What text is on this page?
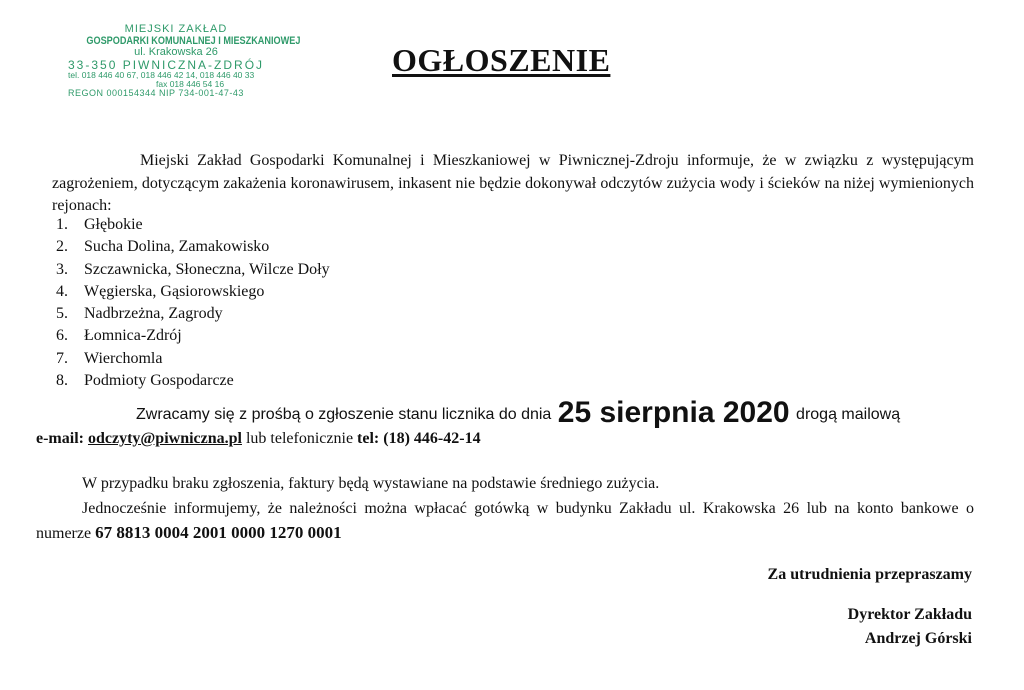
MIEJSKI ZAKŁAD
GOSPODARKI KOMUNALNEJ I MIESZKANIOWEJ
ul. Krakowska 26
33-350 PIWNICZNA-ZDRÓJ
tel. 018 446 40 67, 018 446 42 14, 018 446 40 33
fax 018 446 54 16
REGON 000154344 NIP 734-001-47-43
OGŁOSZENIE

Miejski Zakład Gospodarki Komunalnej i Mieszkaniowej w Piwnicznej-Zdroju informuje, że w związku z występującym zagrożeniem, dotyczącym zakażenia koronawirusem, inkasent nie będzie dokonywał odczytów zużycia wody i ścieków na niżej wymienionych rejonach:

1.	Głębokie
2.	Sucha Dolina, Zamakowisko
3.	Szczawnicka, Słoneczna, Wilcze Doły
4.	Węgierska, Gąsiorowskiego
5.	Nadbrzeżna, Zagrody
6.	Łomnica-Zdrój
7.	Wierchomla
8.	Podmioty Gospodarcze
Zwracamy się z prośbą o zgłoszenie stanu licznika do dnia 25 sierpnia 2020 drogą mailową
e-mail: odczyty@piwniczna.pl lub telefonicznie tel: (18) 446-42-14
W przypadku braku zgłoszenia, faktury będą wystawiane na podstawie średniego zużycia.

Jednocześnie informujemy, że należności można wpłacać gotówką w budynku Zakładu ul. Krakowska 26 lub na konto bankowe o numerze 67 8813 0004 2001 0000 1270 0001

Za utrudnienia przepraszamy
Dyrektor Zakładu
Andrzej Górski
